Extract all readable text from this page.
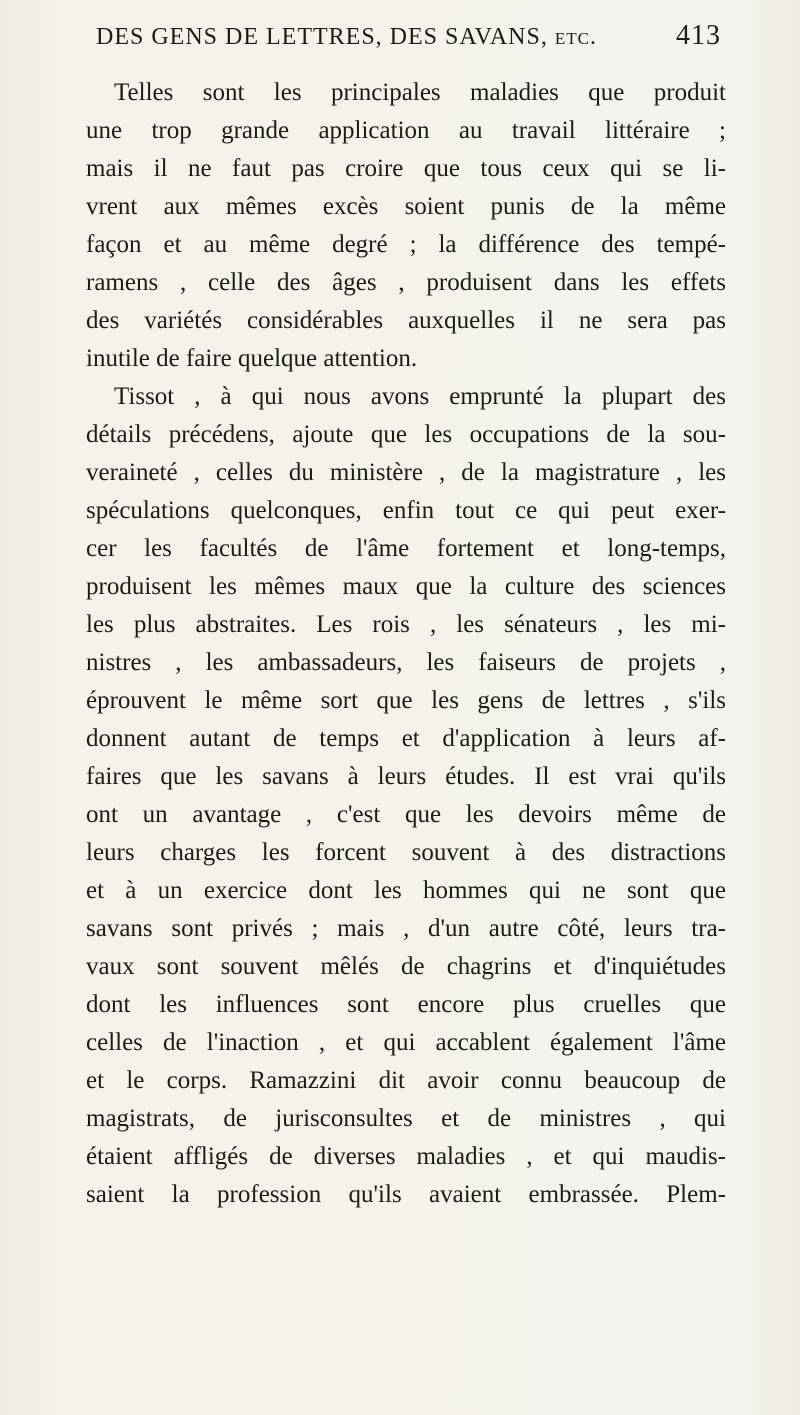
DES GENS DE LETTRES, DES SAVANS, etc.	413
Telles sont les principales maladies que produit
une trop grande application au travail littéraire ;
mais il ne faut pas croire que tous ceux qui se li-
vrent aux mêmes excès soient punis de la même
façon et au même degré ; la différence des tempé-
ramens , celle des âges , produisent dans les effets
des variétés considérables auxquelles il ne sera pas
inutile de faire quelque attention.
Tissot , à qui nous avons emprunté la plupart des
détails précédens, ajoute que les occupations de la sou-
veraineté , celles du ministère , de la magistrature , les
spéculations quelconques, enfin tout ce qui peut exer-
cer les facultés de l'âme fortement et long-temps,
produisent les mêmes maux que la culture des sciences
les plus abstraites. Les rois , les sénateurs , les mi-
nistres , les ambassadeurs, les faiseurs de projets ,
éprouvent le même sort que les gens de lettres , s'ils
donnent autant de temps et d'application à leurs af-
faires que les savans à leurs études. Il est vrai qu'ils
ont un avantage , c'est que les devoirs même de
leurs charges les forcent souvent à des distractions
et à un exercice dont les hommes qui ne sont que
savans sont privés ; mais , d'un autre côté, leurs tra-
vaux sont souvent mêlés de chagrins et d'inquiétudes
dont les influences sont encore plus cruelles que
celles de l'inaction , et qui accablent également l'âme
et le corps. Ramazzini dit avoir connu beaucoup de
magistrats, de jurisconsultes et de ministres , qui
étaient affligés de diverses maladies , et qui maudis-
saient la profession qu'ils avaient embrassée. Plem-
